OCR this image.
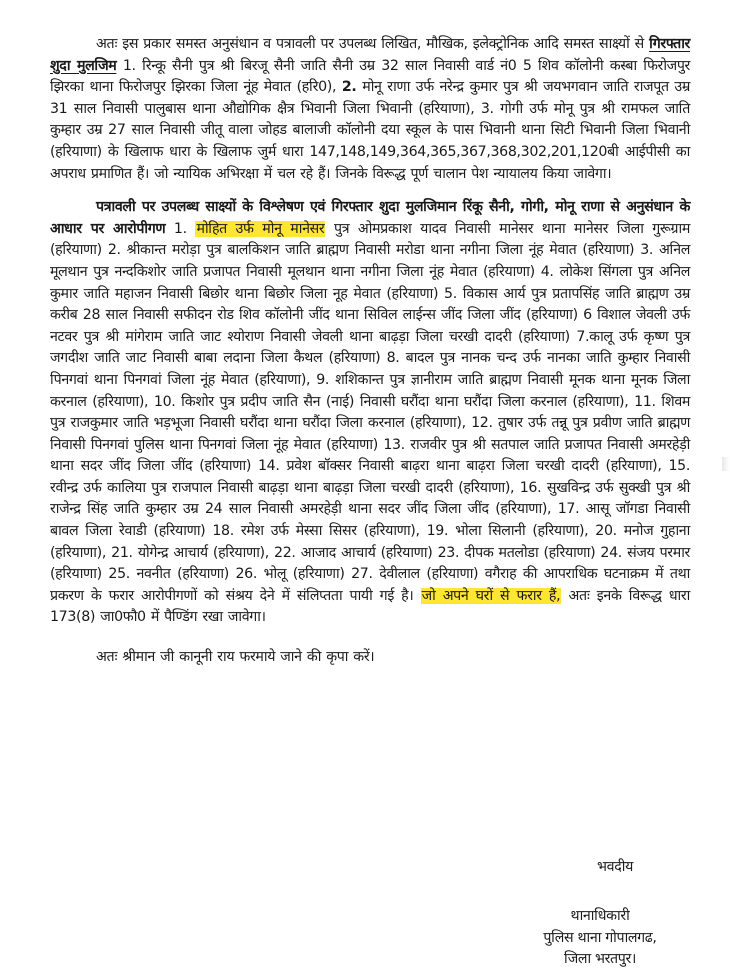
अतः इस प्रकार समस्त अनुसंधान व पत्रावली पर उपलब्ध लिखित, मौखिक, इलेक्ट्रोनिक आदि समस्त साक्ष्यों से गिरफ्तार शुदा मुलजिम 1. रिन्कू सैनी पुत्र श्री बिरजू सैनी जाति सैनी उम्र 32 साल निवासी वार्ड नं0 5 शिव कॉलोनी कस्बा फिरोजपुर झिरका थाना फिरोजपुर झिरका जिला नूंह मेवात (हरि0), 2. मोनू राणा उर्फ नरेन्द्र कुमार पुत्र श्री जयभगवान जाति राजपूत उम्र 31 साल निवासी पालुबास थाना औद्योगिक क्षैत्र भिवानी जिला भिवानी (हरियाणा), 3. गोगी उर्फ मोनू पुत्र श्री रामफल जाति कुम्हार उम्र 27 साल निवासी जीतू वाला जोहड बालाजी कॉलोनी दया स्कूल के पास भिवानी थाना सिटी भिवानी जिला भिवानी (हरियाणा) के खिलाफ धारा के खिलाफ जुर्म धारा 147,148,149,364,365,367,368,302,201,120बी आईपीसी का अपराध प्रमाणित हैं। जो न्यायिक अभिरक्षा में चल रहे हैं। जिनके विरूद्ध पूर्ण चालान पेश न्यायालय किया जावेगा।

पत्रावली पर उपलब्ध साक्ष्यों के विश्लेषण एवं गिरफ्तार शुदा मुलजिमान रिंकू सैनी, गोगी, मोनू राणा से अनुसंधान के आधार पर आरोपीगण 1. मोहित उर्फ मोनू मानेसर पुत्र ओमप्रकाश यादव निवासी मानेसर थाना मानेसर जिला गुरूग्राम (हरियाणा) 2. श्रीकान्त मरोड़ा पुत्र बालकिशन जाति ब्राह्मण निवासी मरोडा थाना नगीना जिला नूंह मेवात (हरियाणा) 3. अनिल मूलथान पुत्र नन्दकिशोर जाति प्रजापत निवासी मूलथान थाना नगीना जिला नूंह मेवात (हरियाणा) 4. लोकेश सिंगला पुत्र अनिल कुमार जाति महाजन निवासी बिछोर थाना बिछोर जिला नूह मेवात (हरियाणा) 5. विकास आर्य पुत्र प्रतापसिंह जाति ब्राह्मण उम्र करीब 28 साल निवासी सफीदन रोड शिव कॉलोनी जींद थाना सिविल लाईन्स जींद जिला जींद (हरियाणा) 6 विशाल जेवली उर्फ नटवर पुत्र श्री मांगेराम जाति जाट श्योराण निवासी जेवली थाना बाढ़ड़ा जिला चरखी दादरी (हरियाणा) 7.कालू उर्फ कृष्ण पुत्र जगदीश जाति जाट निवासी बाबा लदाना जिला कैथल (हरियाणा) 8. बादल पुत्र नानक चन्द उर्फ नानका जाति कुम्हार निवासी पिनगवां थाना पिनगवां जिला नूंह मेवात (हरियाणा), 9. शशिकान्त पुत्र ज्ञानीराम जाति ब्राह्मण निवासी मूनक थाना मूनक जिला करनाल (हरियाणा), 10. किशोर पुत्र प्रदीप जाति सैन (नाई) निवासी घरौंदा थाना घरौंदा जिला करनाल (हरियाणा), 11. शिवम पुत्र राजकुमार जाति भड़भूजा निवासी घरौंदा थाना घरौंदा जिला करनाल (हरियाणा), 12. तुषार उर्फ तन्नू पुत्र प्रवीण जाति ब्राह्मण निवासी पिनगवां पुलिस थाना पिनगवां जिला नूंह मेवात (हरियाणा) 13. राजवीर पुत्र श्री सतपाल जाति प्रजापत निवासी अमरहेड़ी थाना सदर जींद जिला जींद (हरियाणा) 14. प्रवेश बॉक्सर निवासी बाढ़रा थाना बाढ़रा जिला चरखी दादरी (हरियाणा), 15. रवीन्द्र उर्फ कालिया पुत्र राजपाल निवासी बाढ़ड़ा थाना बाढ़ड़ा जिला चरखी दादरी (हरियाणा), 16. सुखविन्द्र उर्फ सुक्खी पुत्र श्री राजेन्द्र सिंह जाति कुम्हार उम्र 24 साल निवासी अमरहेड़ी थाना सदर जींद जिला जींद (हरियाणा), 17. आसू जॉगडा निवासी बावल जिला रेवाडी (हरियाणा) 18. रमेश उर्फ मेस्सा सिसर (हरियाणा), 19. भोला सिलानी (हरियाणा), 20. मनोज गुहाना (हरियाणा), 21. योगेन्द्र आचार्य (हरियाणा), 22. आजाद आचार्य (हरियाणा) 23. दीपक मतलोडा (हरियाणा) 24. संजय परमार (हरियाणा) 25. नवनीत (हरियाणा) 26. भोलू (हरियाणा) 27. देवीलाल (हरियाणा) वगैराह की आपराधिक घटनाक्रम में तथा प्रकरण के फरार आरोपीगणों को संश्रय देने में संलिप्तता पायी गई है। जो अपने घरों से फरार हैं, अतः इनके विरूद्ध धारा 173(8) जा0फौ0 में पैण्डिंग रखा जावेगा।

अतः श्रीमान जी कानूनी राय फरमाये जाने की कृपा करें।

भवदीय
थानाधिकारी
पुलिस थाना गोपालगढ,
जिला भरतपुर।
